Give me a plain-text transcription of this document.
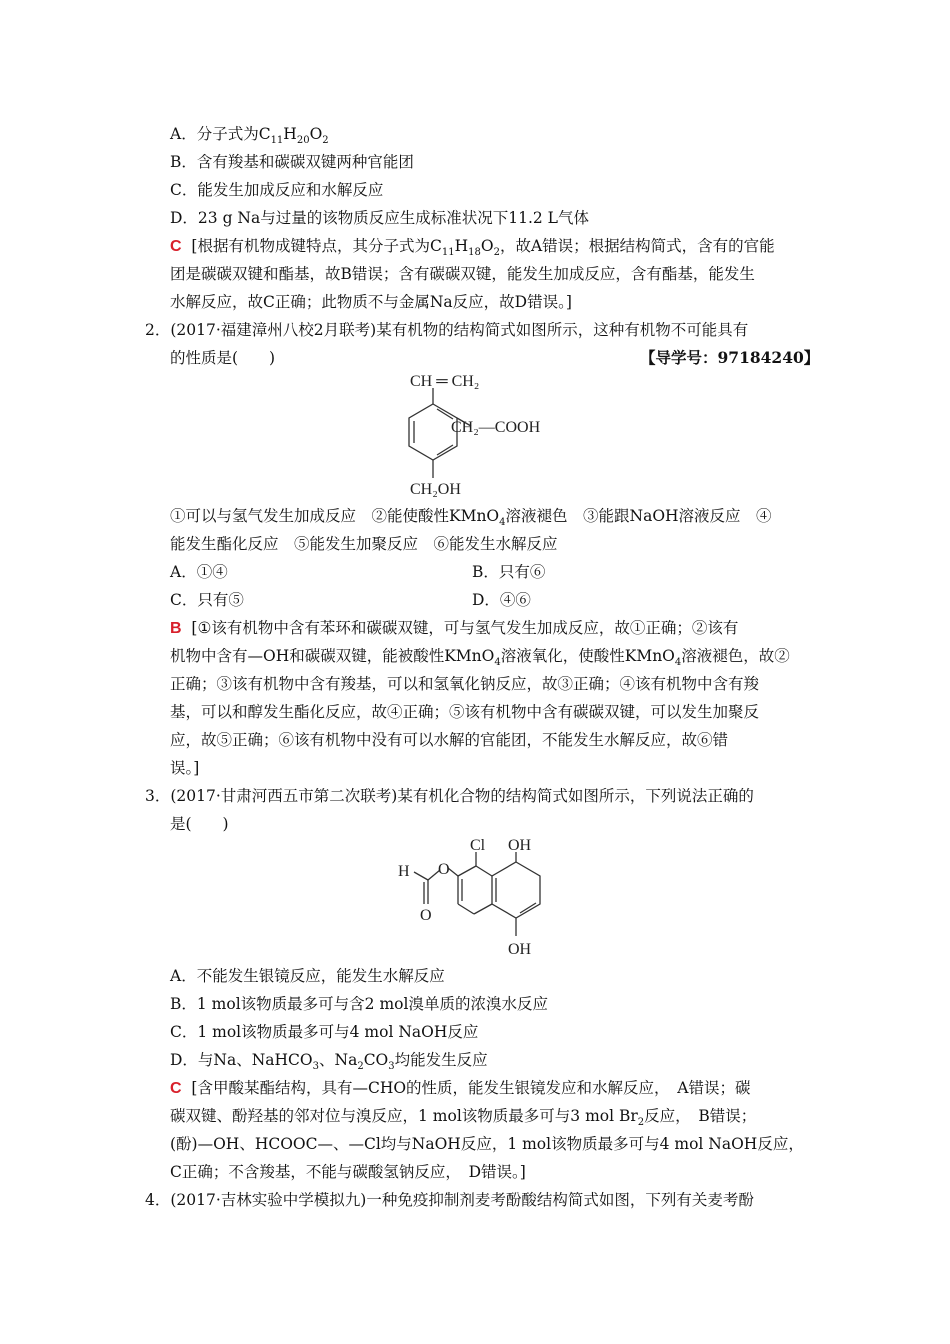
A．分子式为$C_{11}H_{20}O_2$
B．含有羧基和碳碳双键两种官能团
C．能发生加成反应和水解反应
D．23 g Na与过量的该物质反应生成标准状况下11.2 L气体
C [根据有机物成键特点，其分子式为$C_{11}H_{18}O_2$，故A错误；根据结构简式，含有的官能
团是碳碳双键和酯基，故B错误；含有碳碳双键，能发生加成反应，含有酯基，能发生
水解反应，故C正确；此物质不与金属Na反应，故D错误。]
2．(2017·福建漳州八校2月联考)某有机物的结构简式如图所示，这种有机物不可能具有
的性质是(　　)	【导学号：97184240】
CH ═ CH₂
CH₂—COOH
CH₂OH
①可以与氢气发生加成反应　②能使酸性KMnO$_4$溶液褪色　③能跟NaOH溶液反应　④
能发生酯化反应　⑤能发生加聚反应　⑥能发生水解反应
A．①④	B．只有⑥
C．只有⑤	D．④⑥
B [①该有机物中含有苯环和碳碳双键，可与氢气发生加成反应，故①正确；②该有
机物中含有—OH和碳碳双键，能被酸性KMnO$_4$溶液氧化，使酸性KMnO$_4$溶液褪色，故②
正确；③该有机物中含有羧基，可以和氢氧化钠反应，故③正确；④该有机物中含有羧
基，可以和醇发生酯化反应，故④正确；⑤该有机物中含有碳碳双键，可以发生加聚反
应，故⑤正确；⑥该有机物中没有可以水解的官能团，不能发生水解反应，故⑥错
误。]
3．(2017·甘肃河西五市第二次联考)某有机化合物的结构简式如图所示，下列说法正确的
是(　　)
Cl OH
H O
O
OH
A．不能发生银镜反应，能发生水解反应
B．1 mol该物质最多可与含2 mol溴单质的浓溴水反应
C．1 mol该物质最多可与4 mol NaOH反应
D．与Na、NaHCO$_3$、$Na_2CO_3$均能发生反应
C [含甲酸某酯结构，具有—CHO的性质，能发生银镜发应和水解反应，　A错误；碳
碳双键、酚羟基的邻对位与溴反应，1 mol该物质最多可与3 mol $Br_2$反应，　B错误；
(酚)—OH、HCOOC—、—Cl均与NaOH反应，1 mol该物质最多可与4 mol NaOH反应，
C正确；不含羧基，不能与碳酸氢钠反应，　D错误。]
4．(2017·吉林实验中学模拟九)一种免疫抑制剂麦考酚酸结构简式如图，下列有关麦考酚
